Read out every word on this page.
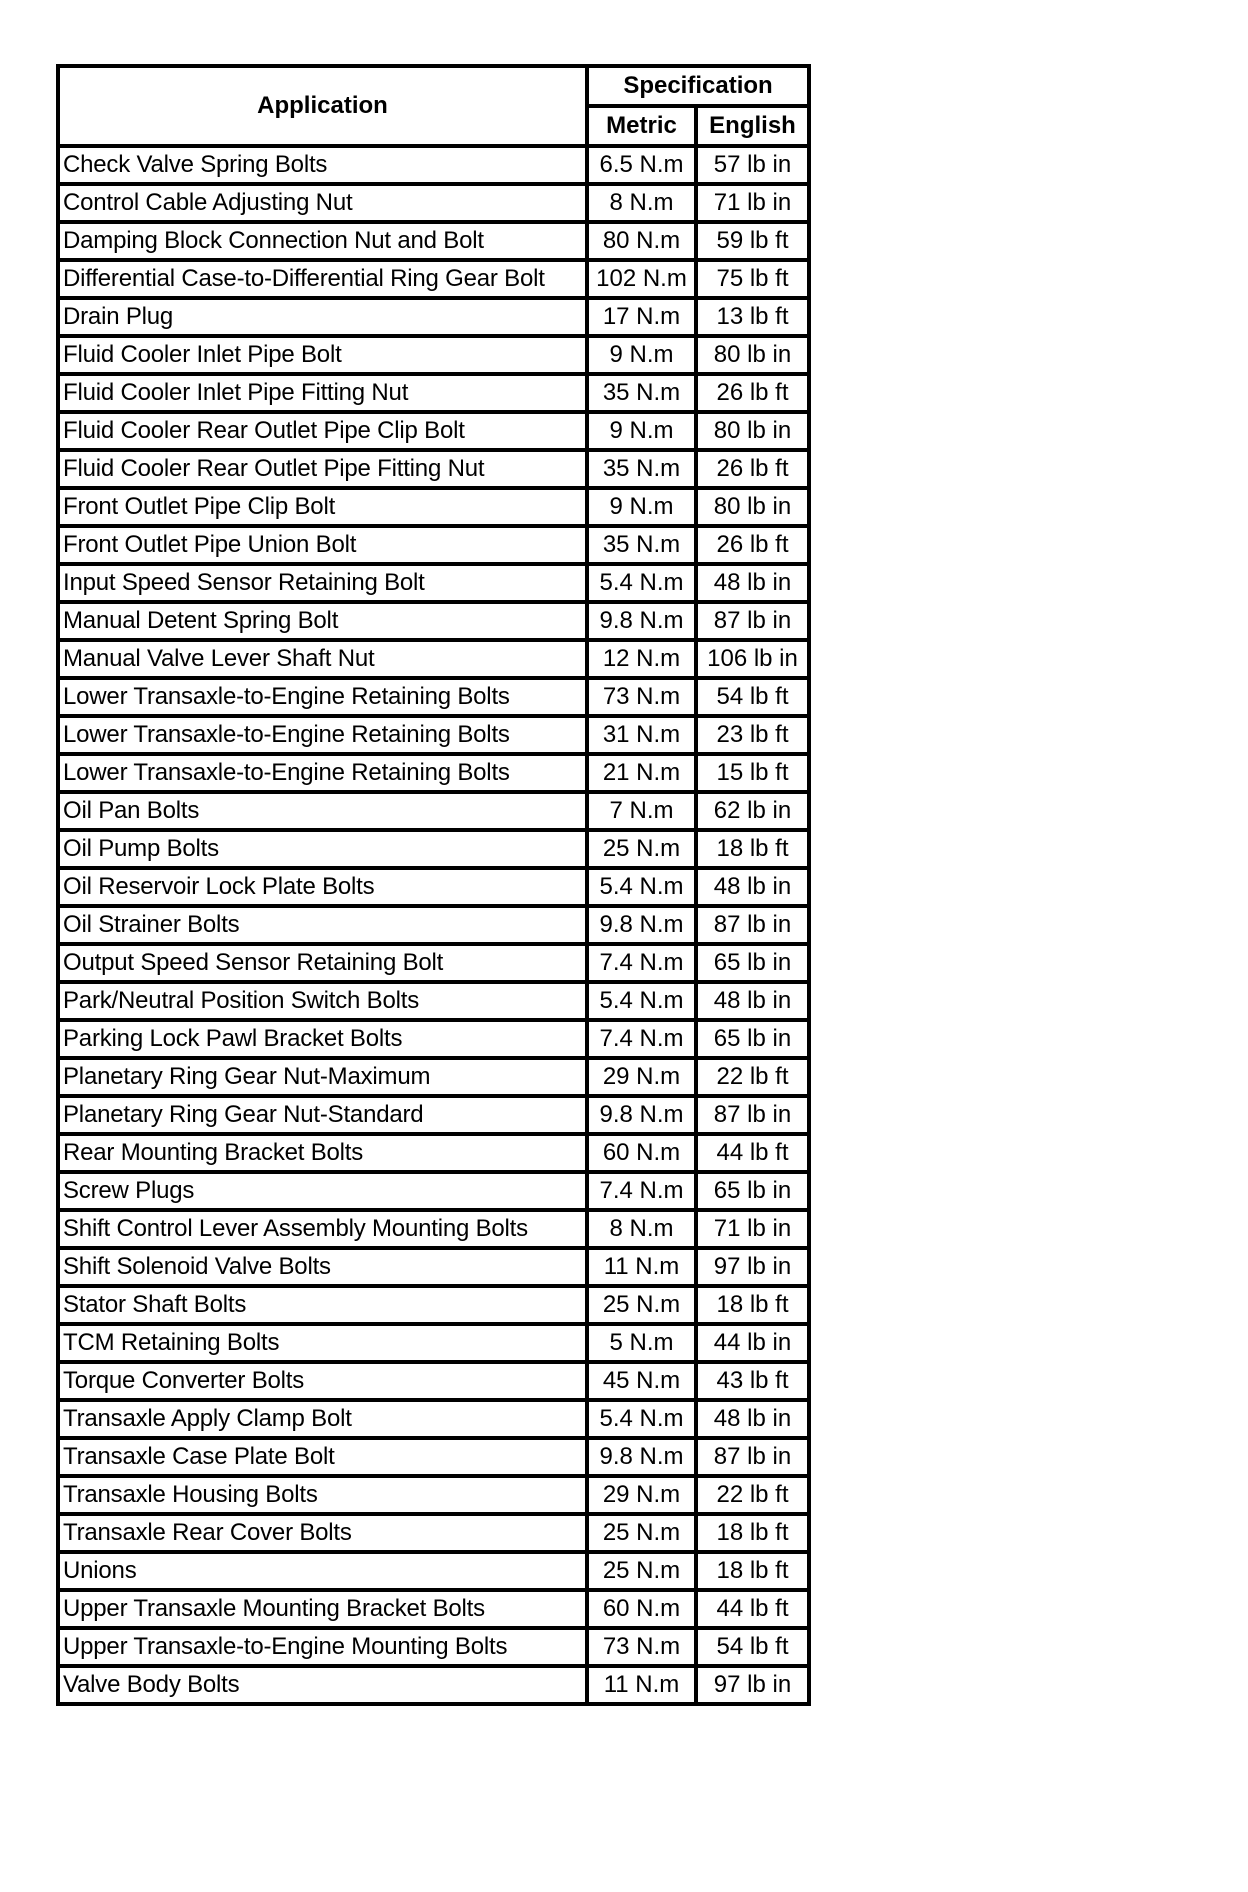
Application	Specification	
	Metric	English
Check Valve Spring Bolts	6.5 N.m	57 lb in
Control Cable Adjusting Nut	8 N.m	71 lb in
Damping Block Connection Nut and Bolt	80 N.m	59 lb ft
Differential Case-to-Differential Ring Gear Bolt	102 N.m	75 lb ft
Drain Plug	17 N.m	13 lb ft
Fluid Cooler Inlet Pipe Bolt	9 N.m	80 lb in
Fluid Cooler Inlet Pipe Fitting Nut	35 N.m	26 lb ft
Fluid Cooler Rear Outlet Pipe Clip Bolt	9 N.m	80 lb in
Fluid Cooler Rear Outlet Pipe Fitting Nut	35 N.m	26 lb ft
Front Outlet Pipe Clip Bolt	9 N.m	80 lb in
Front Outlet Pipe Union Bolt	35 N.m	26 lb ft
Input Speed Sensor Retaining Bolt	5.4 N.m	48 lb in
Manual Detent Spring Bolt	9.8 N.m	87 lb in
Manual Valve Lever Shaft Nut	12 N.m	106 lb in
Lower Transaxle-to-Engine Retaining Bolts	73 N.m	54 lb ft
Lower Transaxle-to-Engine Retaining Bolts	31 N.m	23 lb ft
Lower Transaxle-to-Engine Retaining Bolts	21 N.m	15 lb ft
Oil Pan Bolts	7 N.m	62 lb in
Oil Pump Bolts	25 N.m	18 lb ft
Oil Reservoir Lock Plate Bolts	5.4 N.m	48 lb in
Oil Strainer Bolts	9.8 N.m	87 lb in
Output Speed Sensor Retaining Bolt	7.4 N.m	65 lb in
Park/Neutral Position Switch Bolts	5.4 N.m	48 lb in
Parking Lock Pawl Bracket Bolts	7.4 N.m	65 lb in
Planetary Ring Gear Nut-Maximum	29 N.m	22 lb ft
Planetary Ring Gear Nut-Standard	9.8 N.m	87 lb in
Rear Mounting Bracket Bolts	60 N.m	44 lb ft
Screw Plugs	7.4 N.m	65 lb in
Shift Control Lever Assembly Mounting Bolts	8 N.m	71 lb in
Shift Solenoid Valve Bolts	11 N.m	97 lb in
Stator Shaft Bolts	25 N.m	18 lb ft
TCM Retaining Bolts	5 N.m	44 lb in
Torque Converter Bolts	45 N.m	43 lb ft
Transaxle Apply Clamp Bolt	5.4 N.m	48 lb in
Transaxle Case Plate Bolt	9.8 N.m	87 lb in
Transaxle Housing Bolts	29 N.m	22 lb ft
Transaxle Rear Cover Bolts	25 N.m	18 lb ft
Unions	25 N.m	18 lb ft
Upper Transaxle Mounting Bracket Bolts	60 N.m	44 lb ft
Upper Transaxle-to-Engine Mounting Bolts	73 N.m	54 lb ft
Valve Body Bolts	11 N.m	97 lb in
